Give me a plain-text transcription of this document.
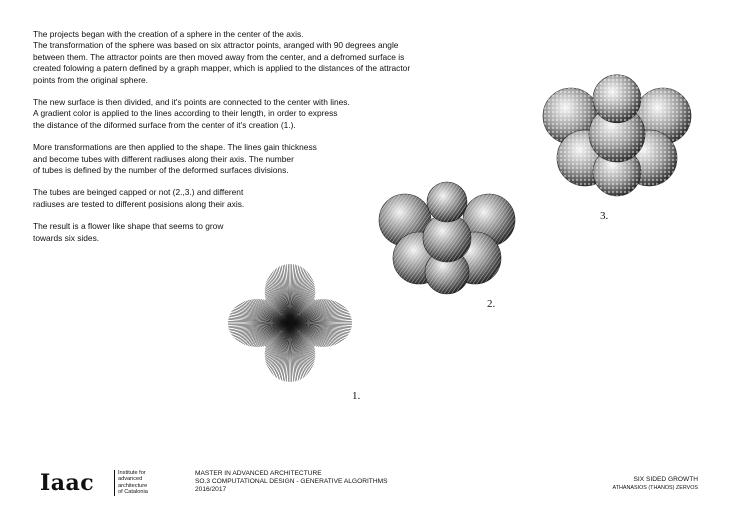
The projects began with the creation of a sphere in the center of the axis.
The transformation of the sphere was based on six attractor points, aranged with 90 degrees angle between them. The attractor points are then moved away from the center, and a defromed surface is created folowing a patern defined by a graph mapper, which is applied to the distances of the attractor points from the original sphere.

The new surface is then divided, and it's points are connected to the center with lines.
A gradient color is applied to the lines according to their length, in order to express
the distance of the diformed surface from the center of it's creation (1.).

More transformations are then applied to the shape. The lines gain thickness
and become tubes with different radiuses along their axis. The number
of tubes is defined by the number of the deformed surfaces divisions.

The tubes are beinged capped or not (2.,3.) and different
radiuses are tested to different posisions along their axis.

The result is a flower like shape that seems to grow
towards six sides.

1.
2.
3.
Iaac	Institute for
advanced
architecture
of Catalonia
MASTER IN ADVANCED ARCHITECTURE
SO.3 COMPUTATIONAL DESIGN - GENERATIVE ALGORITHMS
2016/2017
SIX SIDED GROWTH
ATHANASIOS (THANOS) ZERVOS
